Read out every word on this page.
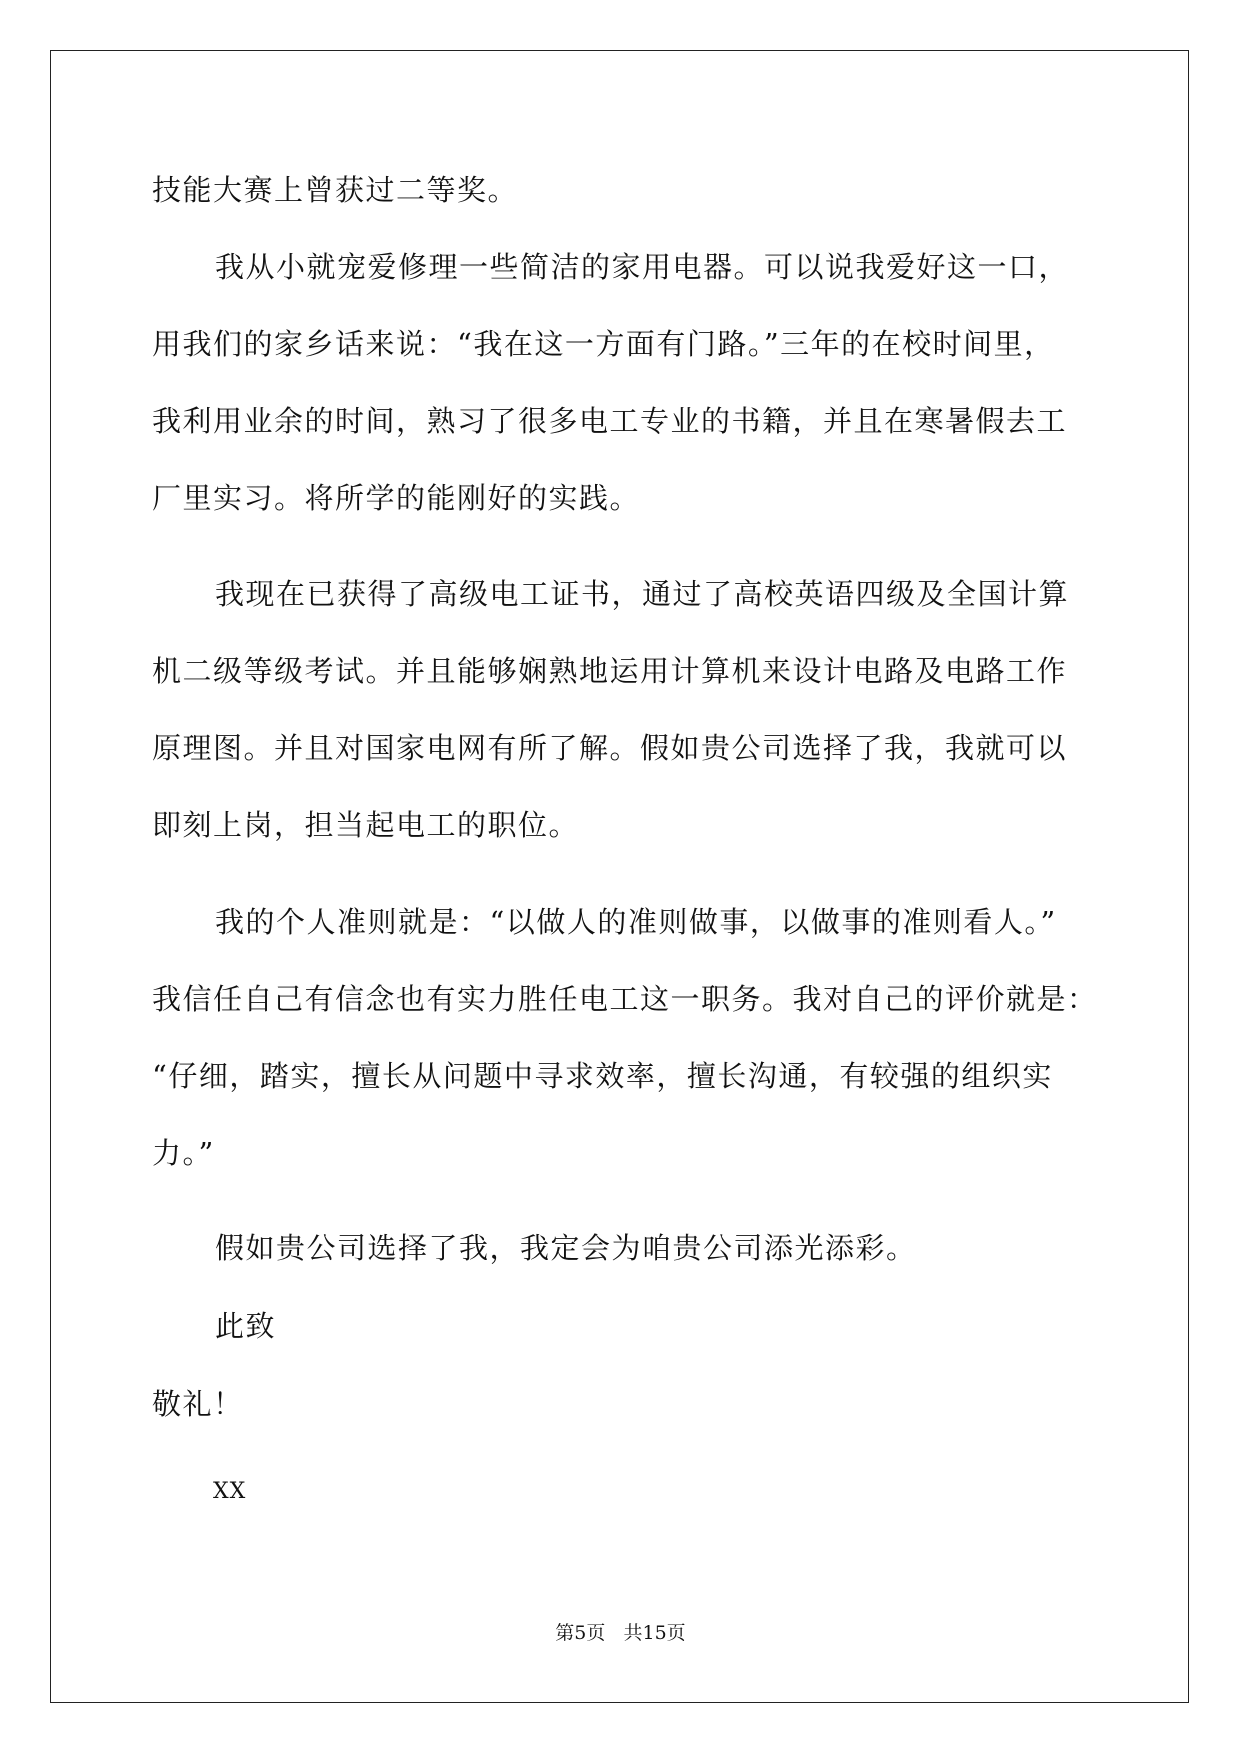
技能大赛上曾获过二等奖。
我从小就宠爱修理一些简洁的家用电器。可以说我爱好这一口，
用我们的家乡话来说：“我在这一方面有门路。”三年的在校时间里，
我利用业余的时间，熟习了很多电工专业的书籍，并且在寒暑假去工
厂里实习。将所学的能刚好的实践。
我现在已获得了高级电工证书，通过了高校英语四级及全国计算
机二级等级考试。并且能够娴熟地运用计算机来设计电路及电路工作
原理图。并且对国家电网有所了解。假如贵公司选择了我，我就可以
即刻上岗，担当起电工的职位。
我的个人准则就是：“以做人的准则做事，以做事的准则看人。”
我信任自己有信念也有实力胜任电工这一职务。我对自己的评价就是：
“仔细，踏实，擅长从问题中寻求效率，擅长沟通，有较强的组织实
力。”
假如贵公司选择了我，我定会为咱贵公司添光添彩。
此致
敬礼！
XX
第5页   共15页
